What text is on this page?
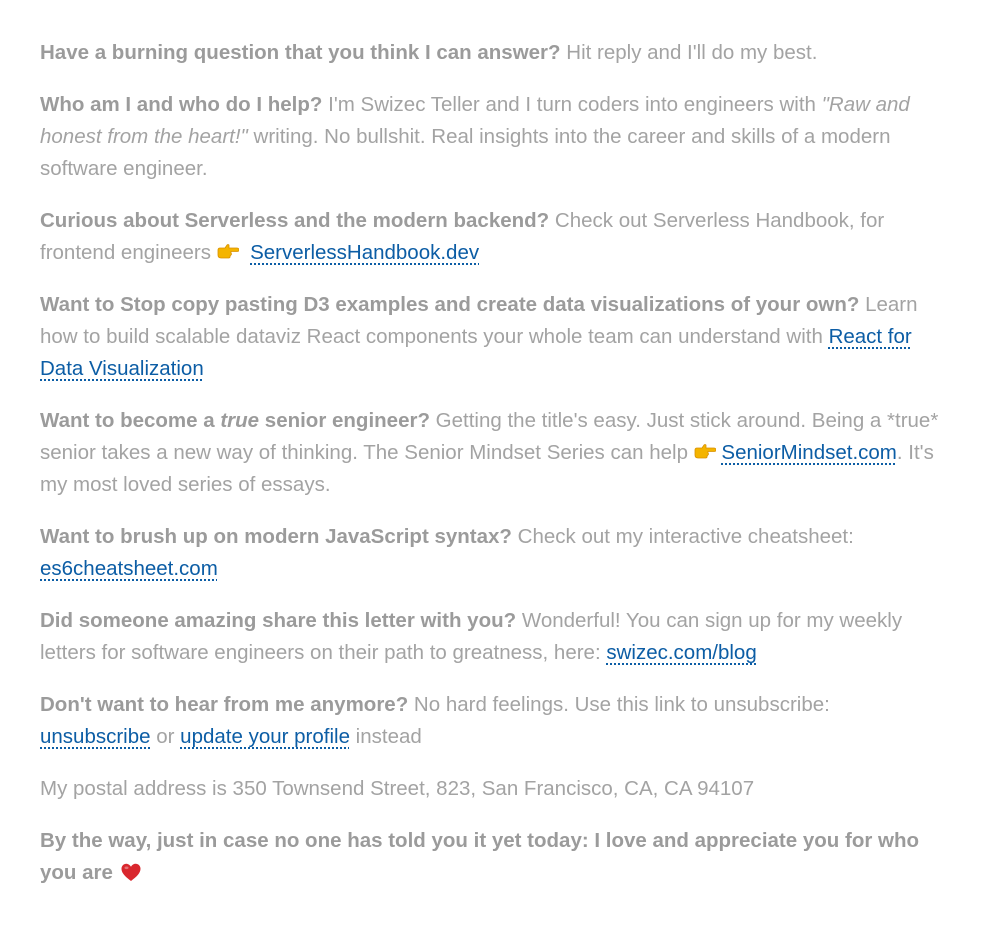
Have a burning question that you think I can answer? Hit reply and I'll do my best.

Who am I and who do I help? I'm Swizec Teller and I turn coders into engineers with "Raw and honest from the heart!" writing. No bullshit. Real insights into the career and skills of a modern software engineer.

Curious about Serverless and the modern backend? Check out Serverless Handbook, for frontend engineers
ServerlessHandbook.dev

Want to Stop copy pasting D3 examples and create data visualizations of your own? Learn how to build scalable dataviz React components your whole team can understand with React for Data Visualization

Want to become a true senior engineer? Getting the title's easy. Just stick around. Being a *true* senior takes a new way of thinking. The Senior Mindset Series can help
SeniorMindset.com. It's my most loved series of essays.

Want to brush up on modern JavaScript syntax? Check out my interactive cheatsheet: es6cheatsheet.com

Did someone amazing share this letter with you? Wonderful! You can sign up for my weekly letters for software engineers on their path to greatness, here: swizec.com/blog

Don't want to hear from me anymore? No hard feelings. Use this link to unsubscribe: unsubscribe or update your profile instead

My postal address is 350 Townsend Street, 823, San Francisco, CA, CA 94107

By the way, just in case no one has told you it yet today: I love and appreciate you for who you are
